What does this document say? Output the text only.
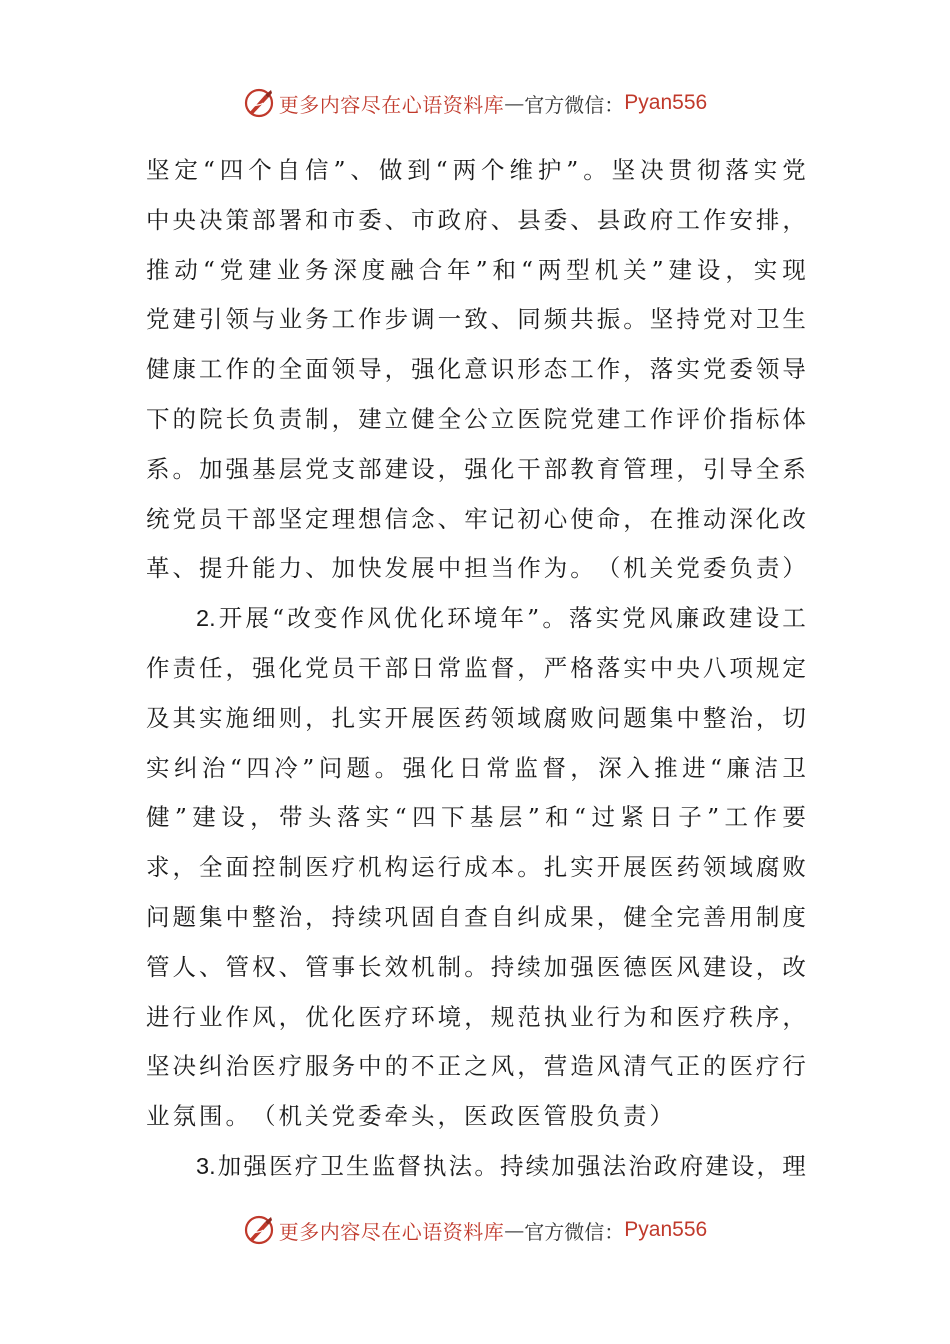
更多内容尽在心语资料库 — 官方微信： Pyan556
坚 定 “ 四 个 自 信 ” 、 做 到 “ 两 个 维 护 ” 。 坚 决 贯 彻 落 实 党
中 央 决 策 部 署 和 市 委 、 市 政 府 、 县 委 、 县 政 府 工 作 安 排 ，
推 动 “ 党 建 业 务 深 度 融 合 年 ” 和 “ 两 型 机 关 ” 建 设 ， 实 现
党 建 引 领 与 业 务 工 作 步 调 一 致 、 同 频 共 振 。 坚 持 党 对 卫 生
健 康 工 作 的 全 面 领 导 ， 强 化 意 识 形 态 工 作 ， 落 实 党 委 领 导
下 的 院 长 负 责 制 ， 建 立 健 全 公 立 医 院 党 建 工 作 评 价 指 标 体
系 。 加 强 基 层 党 支 部 建 设 ， 强 化 干 部 教 育 管 理 ， 引 导 全 系
统 党 员 干 部 坚 定 理 想 信 念 、 牢 记 初 心 使 命 ， 在 推 动 深 化 改
革 、 提 升 能 力 、 加 快 发 展 中 担 当 作 为 。 （ 机 关 党 委 负 责 ）
2. 开 展 “ 改 变 作 风 优 化 环 境 年 ” 。 落 实 党 风 廉 政 建 设 工
作 责 任 ， 强 化 党 员 干 部 日 常 监 督 ， 严 格 落 实 中 央 八 项 规 定
及 其 实 施 细 则 ， 扎 实 开 展 医 药 领 域 腐 败 问 题 集 中 整 治 ， 切
实 纠 治 “ 四 冷 ” 问 题 。 强 化 日 常 监 督 ， 深 入 推 进 “ 廉 洁 卫
健 ” 建 设 ， 带 头 落 实 “ 四 下 基 层 ” 和 “ 过 紧 日 子 ” 工 作 要
求 ， 全 面 控 制 医 疗 机 构 运 行 成 本 。 扎 实 开 展 医 药 领 域 腐 败
问 题 集 中 整 治 ， 持 续 巩 固 自 查 自 纠 成 果 ， 健 全 完 善 用 制 度
管 人 、 管 权 、 管 事 长 效 机 制 。 持 续 加 强 医 德 医 风 建 设 ， 改
进 行 业 作 风 ， 优 化 医 疗 环 境 ， 规 范 执 业 行 为 和 医 疗 秩 序 ，
坚 决 纠 治 医 疗 服 务 中 的 不 正 之 风 ， 营 造 风 清 气 正 的 医 疗 行
业 氛 围 。 （ 机 关 党 委 牵 头 ， 医 政 医 管 股 负 责 ）
3. 加 强 医 疗 卫 生 监 督 执 法 。 持 续 加 强 法 治 政 府 建 设 ， 理
更多内容尽在心语资料库 — 官方微信： Pyan556
